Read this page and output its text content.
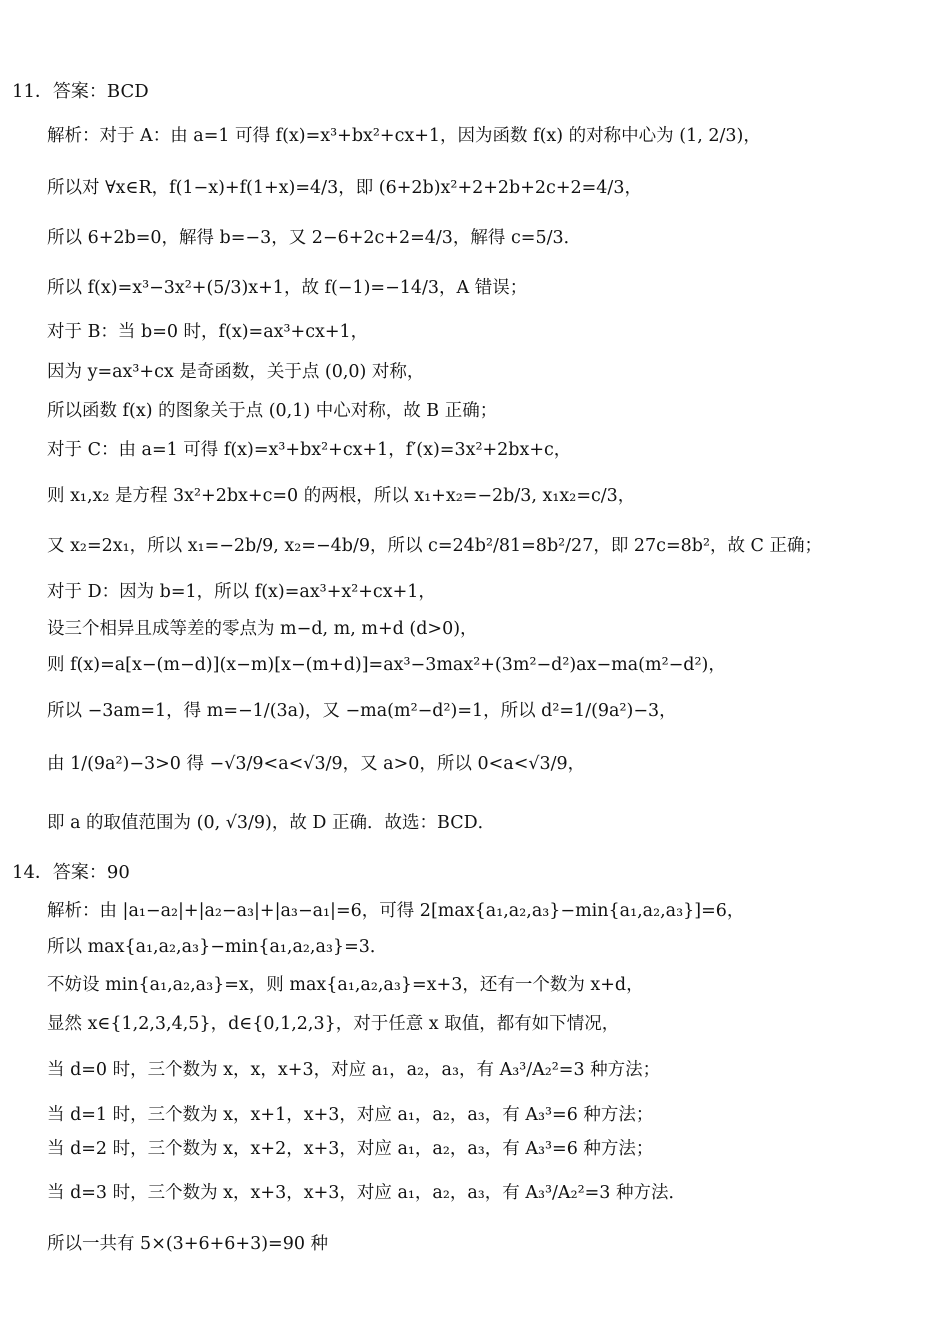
11．答案：BCD
解析：对于 A：由 a=1 可得 f(x)=x³+bx²+cx+1，因为函数 f(x) 的对称中心为 (1, 2/3)，
所以对 ∀x∈R，f(1−x)+f(1+x)=4/3，即 (6+2b)x²+2+2b+2c+2=4/3，
所以 6+2b=0，解得 b=−3，又 2−6+2c+2=4/3，解得 c=5/3．
所以 f(x)=x³−3x²+(5/3)x+1，故 f(−1)=−14/3，A 错误；
对于 B：当 b=0 时，f(x)=ax³+cx+1，
因为 y=ax³+cx 是奇函数，关于点 (0,0) 对称，
所以函数 f(x) 的图象关于点 (0,1) 中心对称，故 B 正确；
对于 C：由 a=1 可得 f(x)=x³+bx²+cx+1，f′(x)=3x²+2bx+c，
则 x₁,x₂ 是方程 3x²+2bx+c=0 的两根，所以 x₁+x₂=−2b/3, x₁x₂=c/3，
又 x₂=2x₁，所以 x₁=−2b/9, x₂=−4b/9，所以 c=24b²/81=8b²/27，即 27c=8b²，故 C 正确；
对于 D：因为 b=1，所以 f(x)=ax³+x²+cx+1，
设三个相异且成等差的零点为 m−d, m, m+d (d>0)，
则 f(x)=a[x−(m−d)](x−m)[x−(m+d)]=ax³−3max²+(3m²−d²)ax−ma(m²−d²)，
所以 −3am=1，得 m=−1/(3a)，又 −ma(m²−d²)=1，所以 d²=1/(9a²)−3，
由 1/(9a²)−3>0 得 −√3/9<a<√3/9，又 a>0，所以 0<a<√3/9，
即 a 的取值范围为 (0, √3/9)，故 D 正确．故选：BCD．
14．答案：90
解析：由 |a₁−a₂|+|a₂−a₃|+|a₃−a₁|=6，可得 2[max{a₁,a₂,a₃}−min{a₁,a₂,a₃}]=6，
所以 max{a₁,a₂,a₃}−min{a₁,a₂,a₃}=3．
不妨设 min{a₁,a₂,a₃}=x，则 max{a₁,a₂,a₃}=x+3，还有一个数为 x+d，
显然 x∈{1,2,3,4,5}，d∈{0,1,2,3}，对于任意 x 取值，都有如下情况，
当 d=0 时，三个数为 x，x，x+3，对应 a₁，a₂，a₃，有 A₃³/A₂²=3 种方法；
当 d=1 时，三个数为 x，x+1，x+3，对应 a₁，a₂，a₃，有 A₃³=6 种方法；
当 d=2 时，三个数为 x，x+2，x+3，对应 a₁，a₂，a₃，有 A₃³=6 种方法；
当 d=3 时，三个数为 x，x+3，x+3，对应 a₁，a₂，a₃，有 A₃³/A₂²=3 种方法．
所以一共有 5×(3+6+6+3)=90 种
